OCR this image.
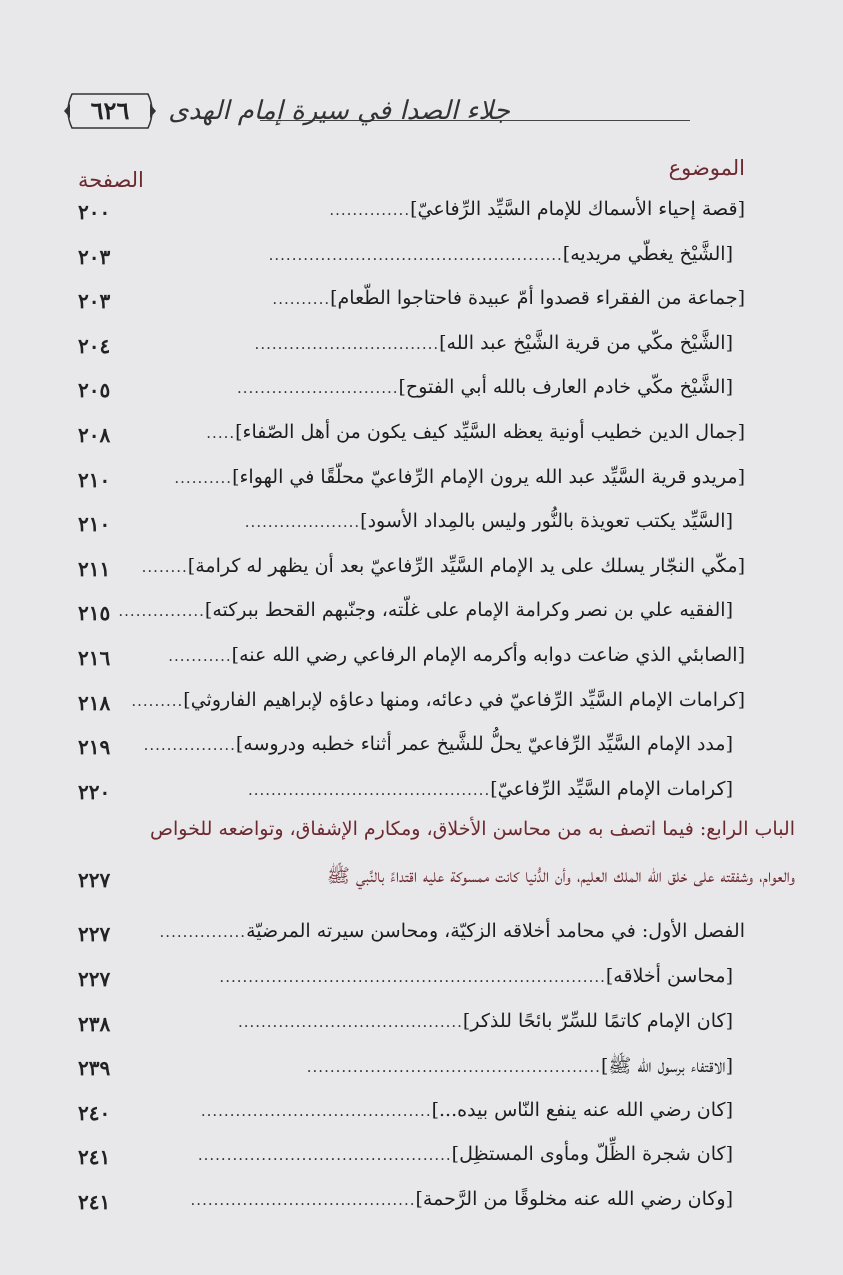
٦٢٦	جلاء الصدا في سيرة إمام الهدى
الموضوع
الصفحة
[قصة إحياء الأسماك للإمام السَّيِّد الرِّفاعيّ]
..............
٢٠٠
[الشَّيْخ يغطّي مريديه]
...................................................
٢٠٣
[جماعة من الفقراء قصدوا أمّ عبيدة فاحتاجوا الطّعام]
..........
٢٠٣
[الشَّيْخ مكّي من قرية الشَّيْخ عبد الله]
................................
٢٠٤
[الشَّيْخ مكّي خادم العارف بالله أبي الفتوح]
............................
٢٠٥
[جمال الدين خطيب أونية يعظه السَّيِّد كيف يكون من أهل الصّفاء]
.....
٢٠٨
[مريدو قرية السَّيِّد عبد الله يرون الإمام الرِّفاعيّ محلّقًا في الهواء]
..........
٢١٠
[السَّيِّد يكتب تعويذة بالنُّور وليس بالمِداد الأسود]
....................
٢١٠
[مكّي النجّار يسلك على يد الإمام السَّيِّد الرِّفاعيّ بعد أن يظهر له كرامة]
........
٢١١
[الفقيه علي بن نصر وكرامة الإمام على غلّته، وجنّبهم القحط ببركته]
...............
٢١٥
[الصابئي الذي ضاعت دوابه وأكرمه الإمام الرفاعي رضي الله عنه]
...........
٢١٦
[كرامات الإمام السَّيِّد الرِّفاعيّ في دعائه، ومنها دعاؤه لإبراهيم الفاروثي]
.........
٢١٨
[مدد الإمام السَّيِّد الرِّفاعيّ يحلُّ للشَّيخ عمر أثناء خطبه ودروسه]
................
٢١٩
[كرامات الإمام السَّيِّد الرِّفاعيّ]
..........................................
٢٢٠
الباب الرابع: فيما اتصف به من محاسن الأخلاق، ومكارم الإشفاق، وتواضعه للخواص
والعوام، وشفقته على خلق الله الملك العليم، وأن الدُّنيا كانت ممسوكة عليه اقتداءً بالنَّبي ﷺ
٢٢٧
الفصل الأول: في محامد أخلاقه الزكيّة، ومحاسن سيرته المرضيّة
...............
٢٢٧
[محاسن أخلاقه]
...................................................................
٢٢٧
[كان الإمام كاتمًا للسِّرّ بائحًا للذكر]
.......................................
٢٣٨
[الاقتفاء برسول الله ﷺ]
...................................................
٢٣٩
[كان رضي الله عنه ينفع النّاس بيده...]
........................................
٢٤٠
[كان شجرة الظِّلّ ومأوى المستظِل]
............................................
٢٤١
[وكان رضي الله عنه مخلوقًا من الرَّحمة]
.......................................
٢٤١
